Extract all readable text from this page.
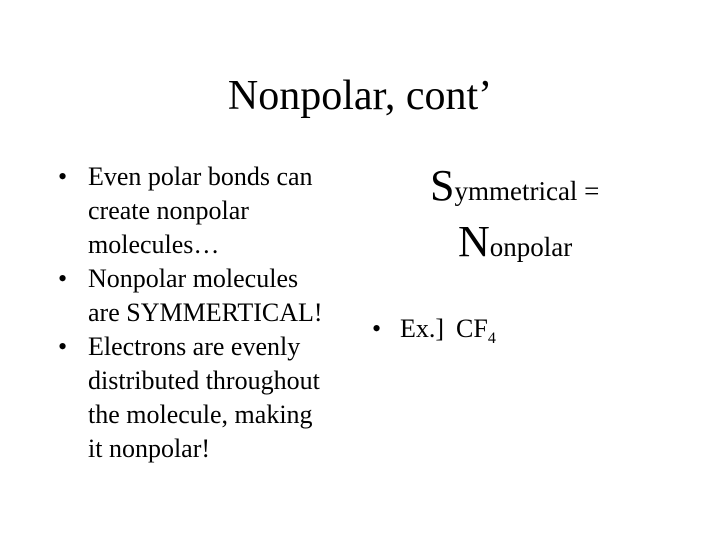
Nonpolar, cont’
• Even polar bonds can
create nonpolar
molecules…
• Nonpolar molecules
are SYMMERTICAL!
• Electrons are evenly
distributed throughout
the molecule, making
it nonpolar!
Symmetrical =
Nonpolar
• Ex.] $CF_4$
